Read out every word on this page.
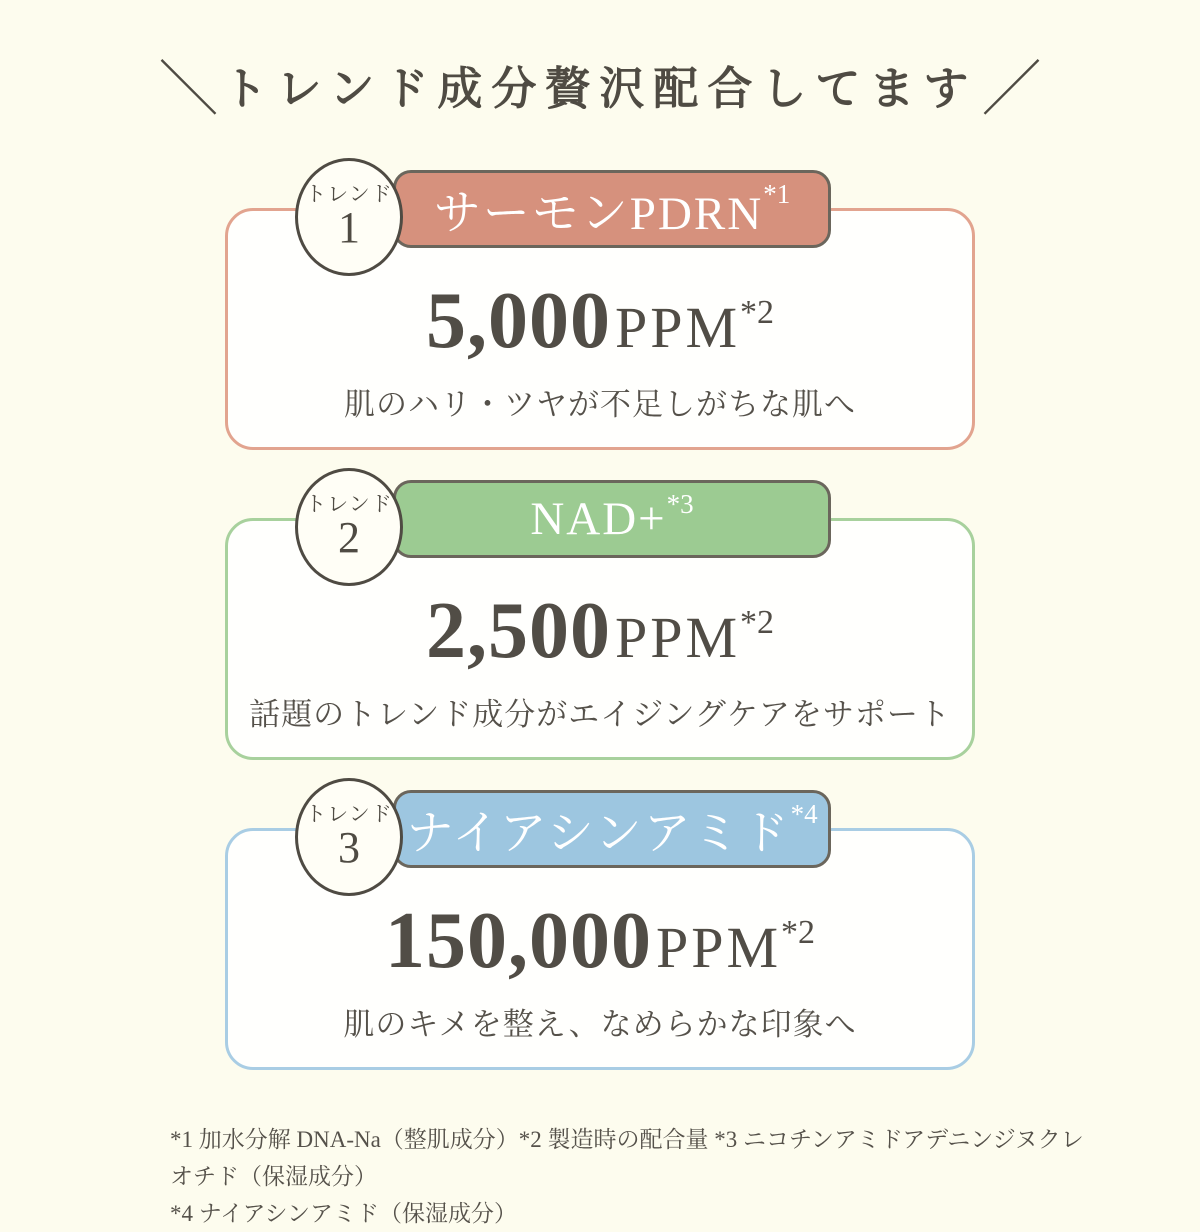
＼トレンド成分贅沢配合してます／
5,000PPM*2
肌のハリ・ツヤが不足しがちな肌へ
サーモンPDRN *1
トレンド
1
2,500PPM*2
話題のトレンド成分がエイジングケアをサポート
NAD+ *3
トレンド
2
150,000PPM*2
肌のキメを整え、なめらかな印象へ
ナイアシンアミド *4
トレンド
3
*1 加水分解 DNA-Na（整肌成分）*2 製造時の配合量 *3 ニコチンアミドアデニンジヌクレオチド（保湿成分）
*4 ナイアシンアミド（保湿成分）
